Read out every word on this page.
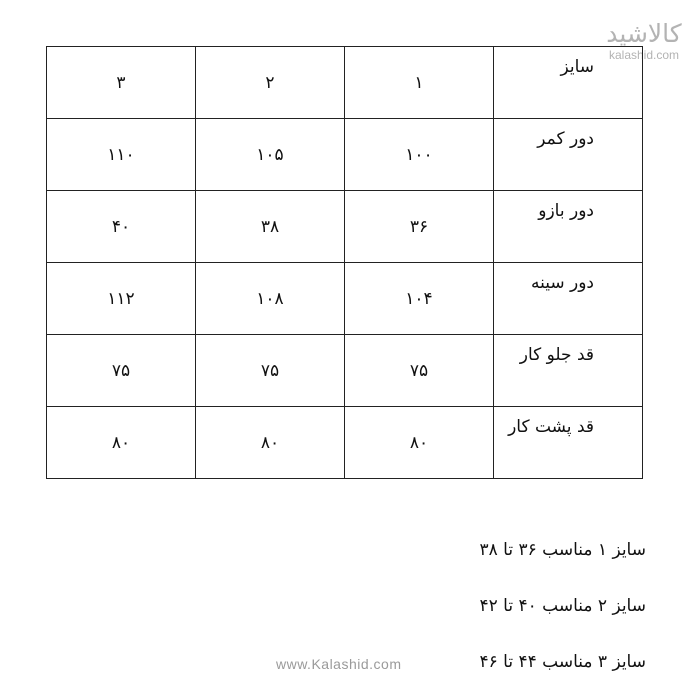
کالاشید
kalashid.com
۳	۲	۱	سایز

۱۱۰	۱۰۵	۱۰۰	دور کمر

۴۰	۳۸	۳۶	دور بازو

۱۱۲	۱۰۸	۱۰۴	دور سینه

۷۵	۷۵	۷۵	قد جلو کار

۸۰	۸۰	۸۰	قد پشت کار
سایز ۱ مناسب ۳۶ تا ۳۸
سایز ۲ مناسب ۴۰ تا ۴۲
سایز ۳ مناسب ۴۴ تا ۴۶
www.Kalashid.com
